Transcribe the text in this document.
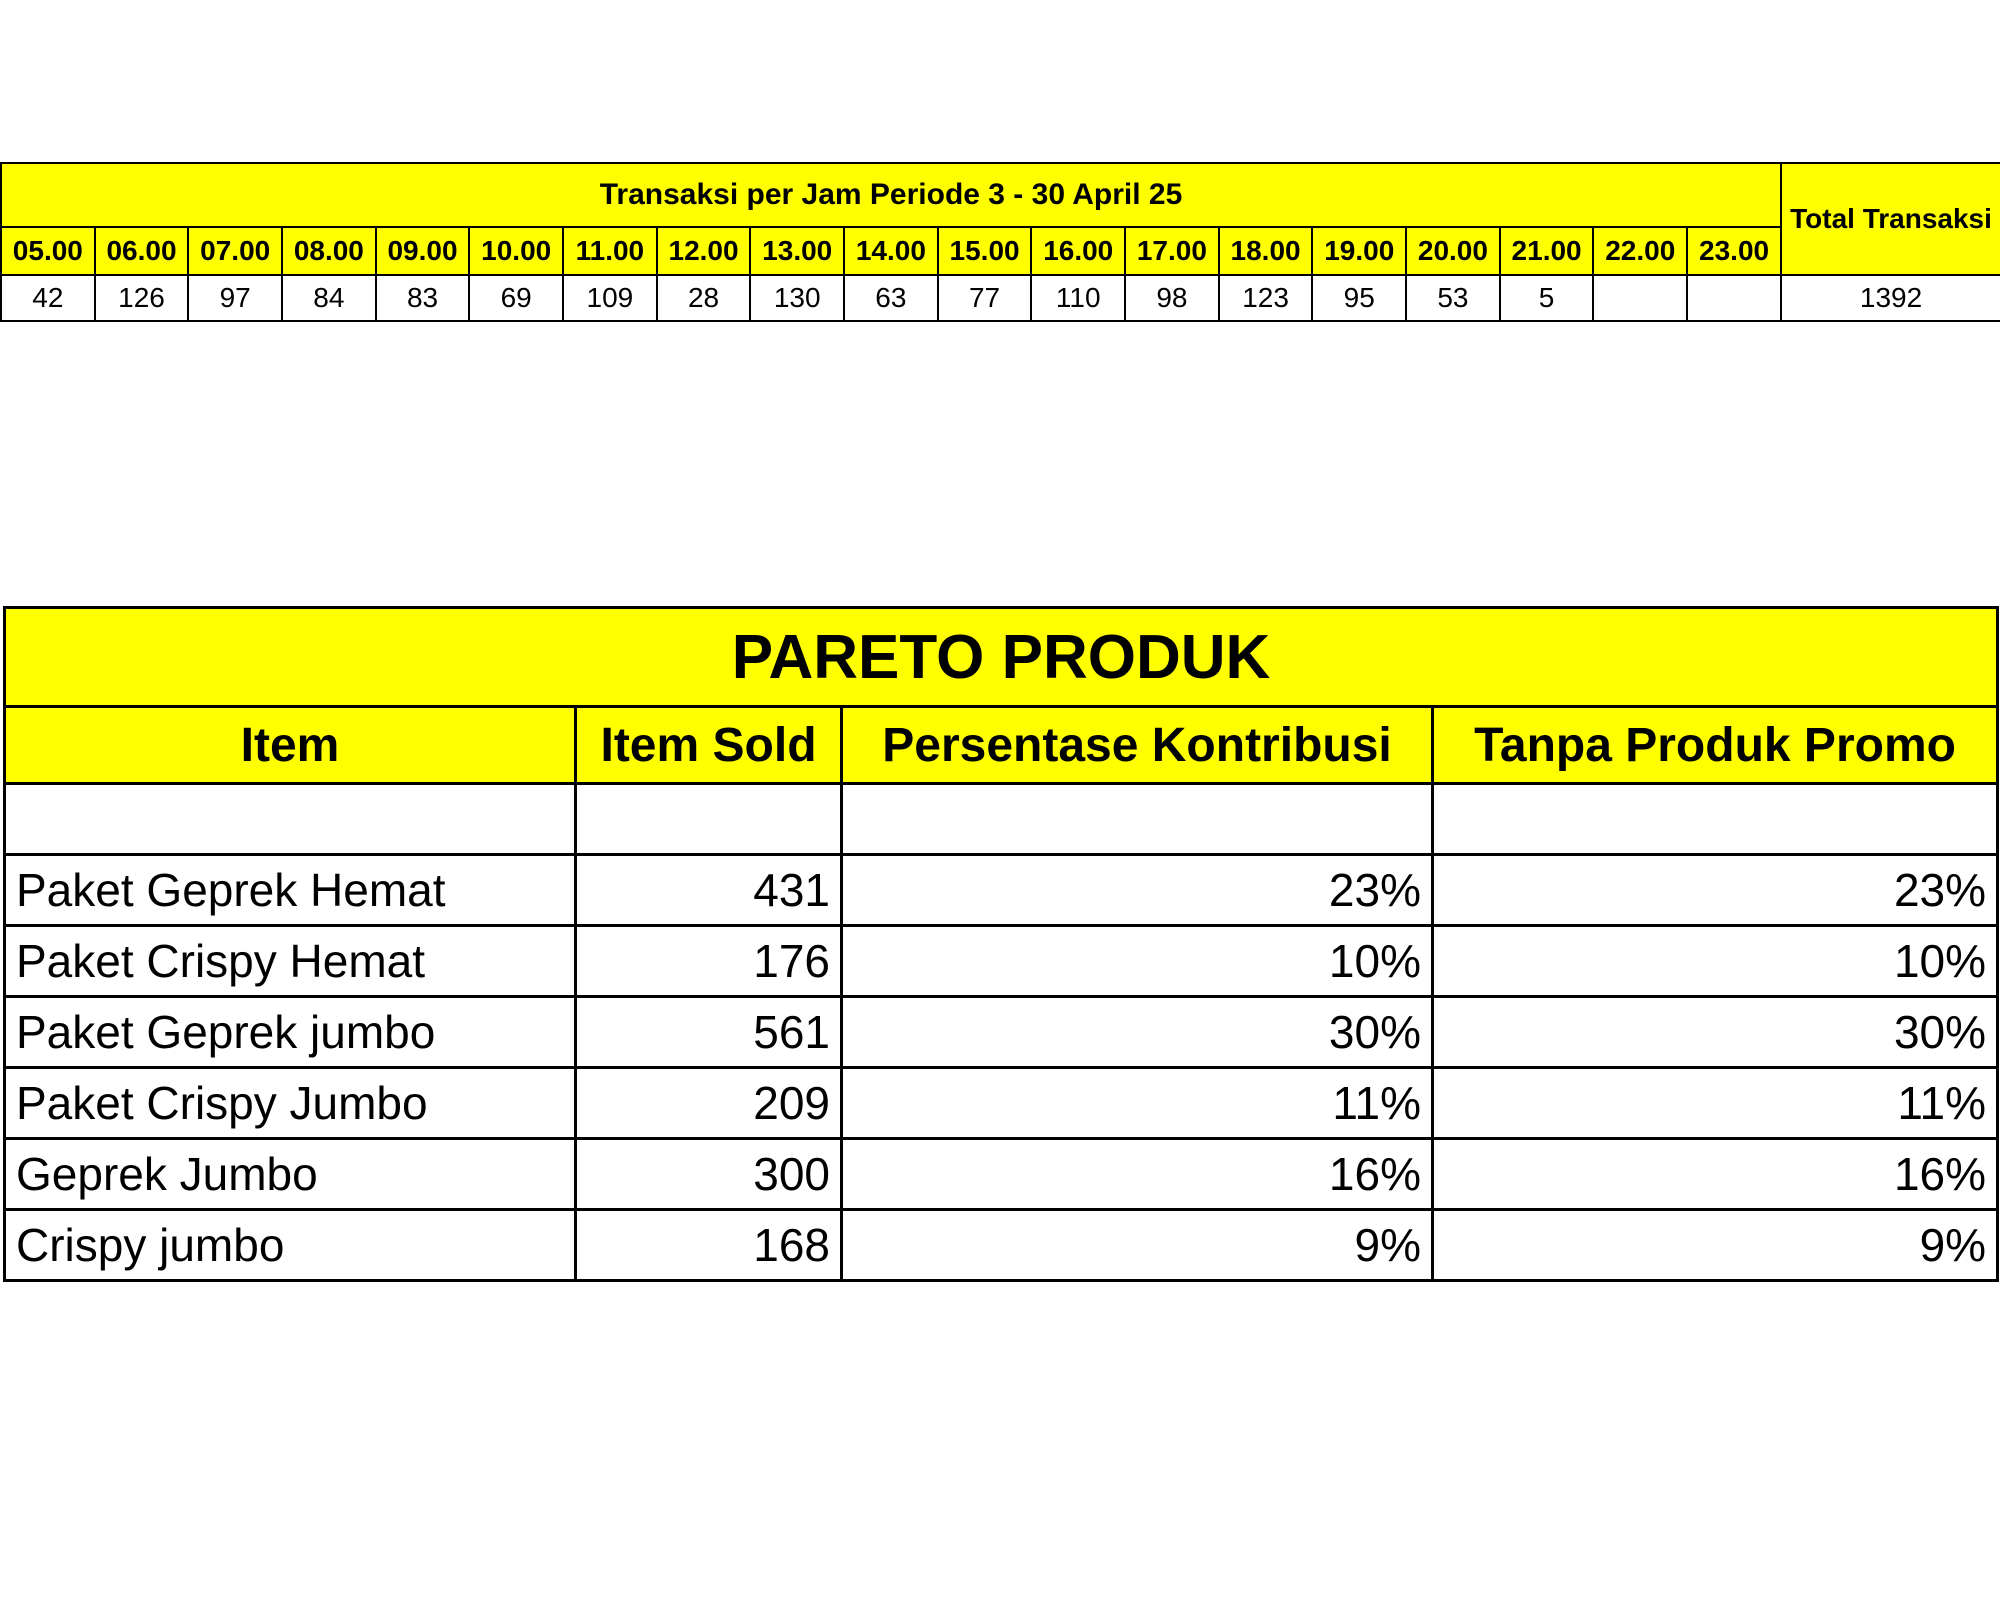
Transaksi per Jam Periode 3 - 30 April 25																			Total Transaksi
05.00	06.00	07.00	08.00	09.00	10.00	11.00	12.00	13.00	14.00	15.00	16.00	17.00	18.00	19.00	20.00	21.00	22.00	23.00	
42	126	97	84	83	69	109	28	130	63	77	110	98	123	95	53	5			1392
PARETO PRODUK			
Item	Item Sold	Persentase Kontribusi	Tanpa Produk Promo

Paket Geprek Hemat	431	23%	23%
Paket Crispy Hemat	176	10%	10%
Paket Geprek jumbo	561	30%	30%
Paket Crispy Jumbo	209	11%	11%
Geprek Jumbo	300	16%	16%
Crispy jumbo	168	9%	9%
